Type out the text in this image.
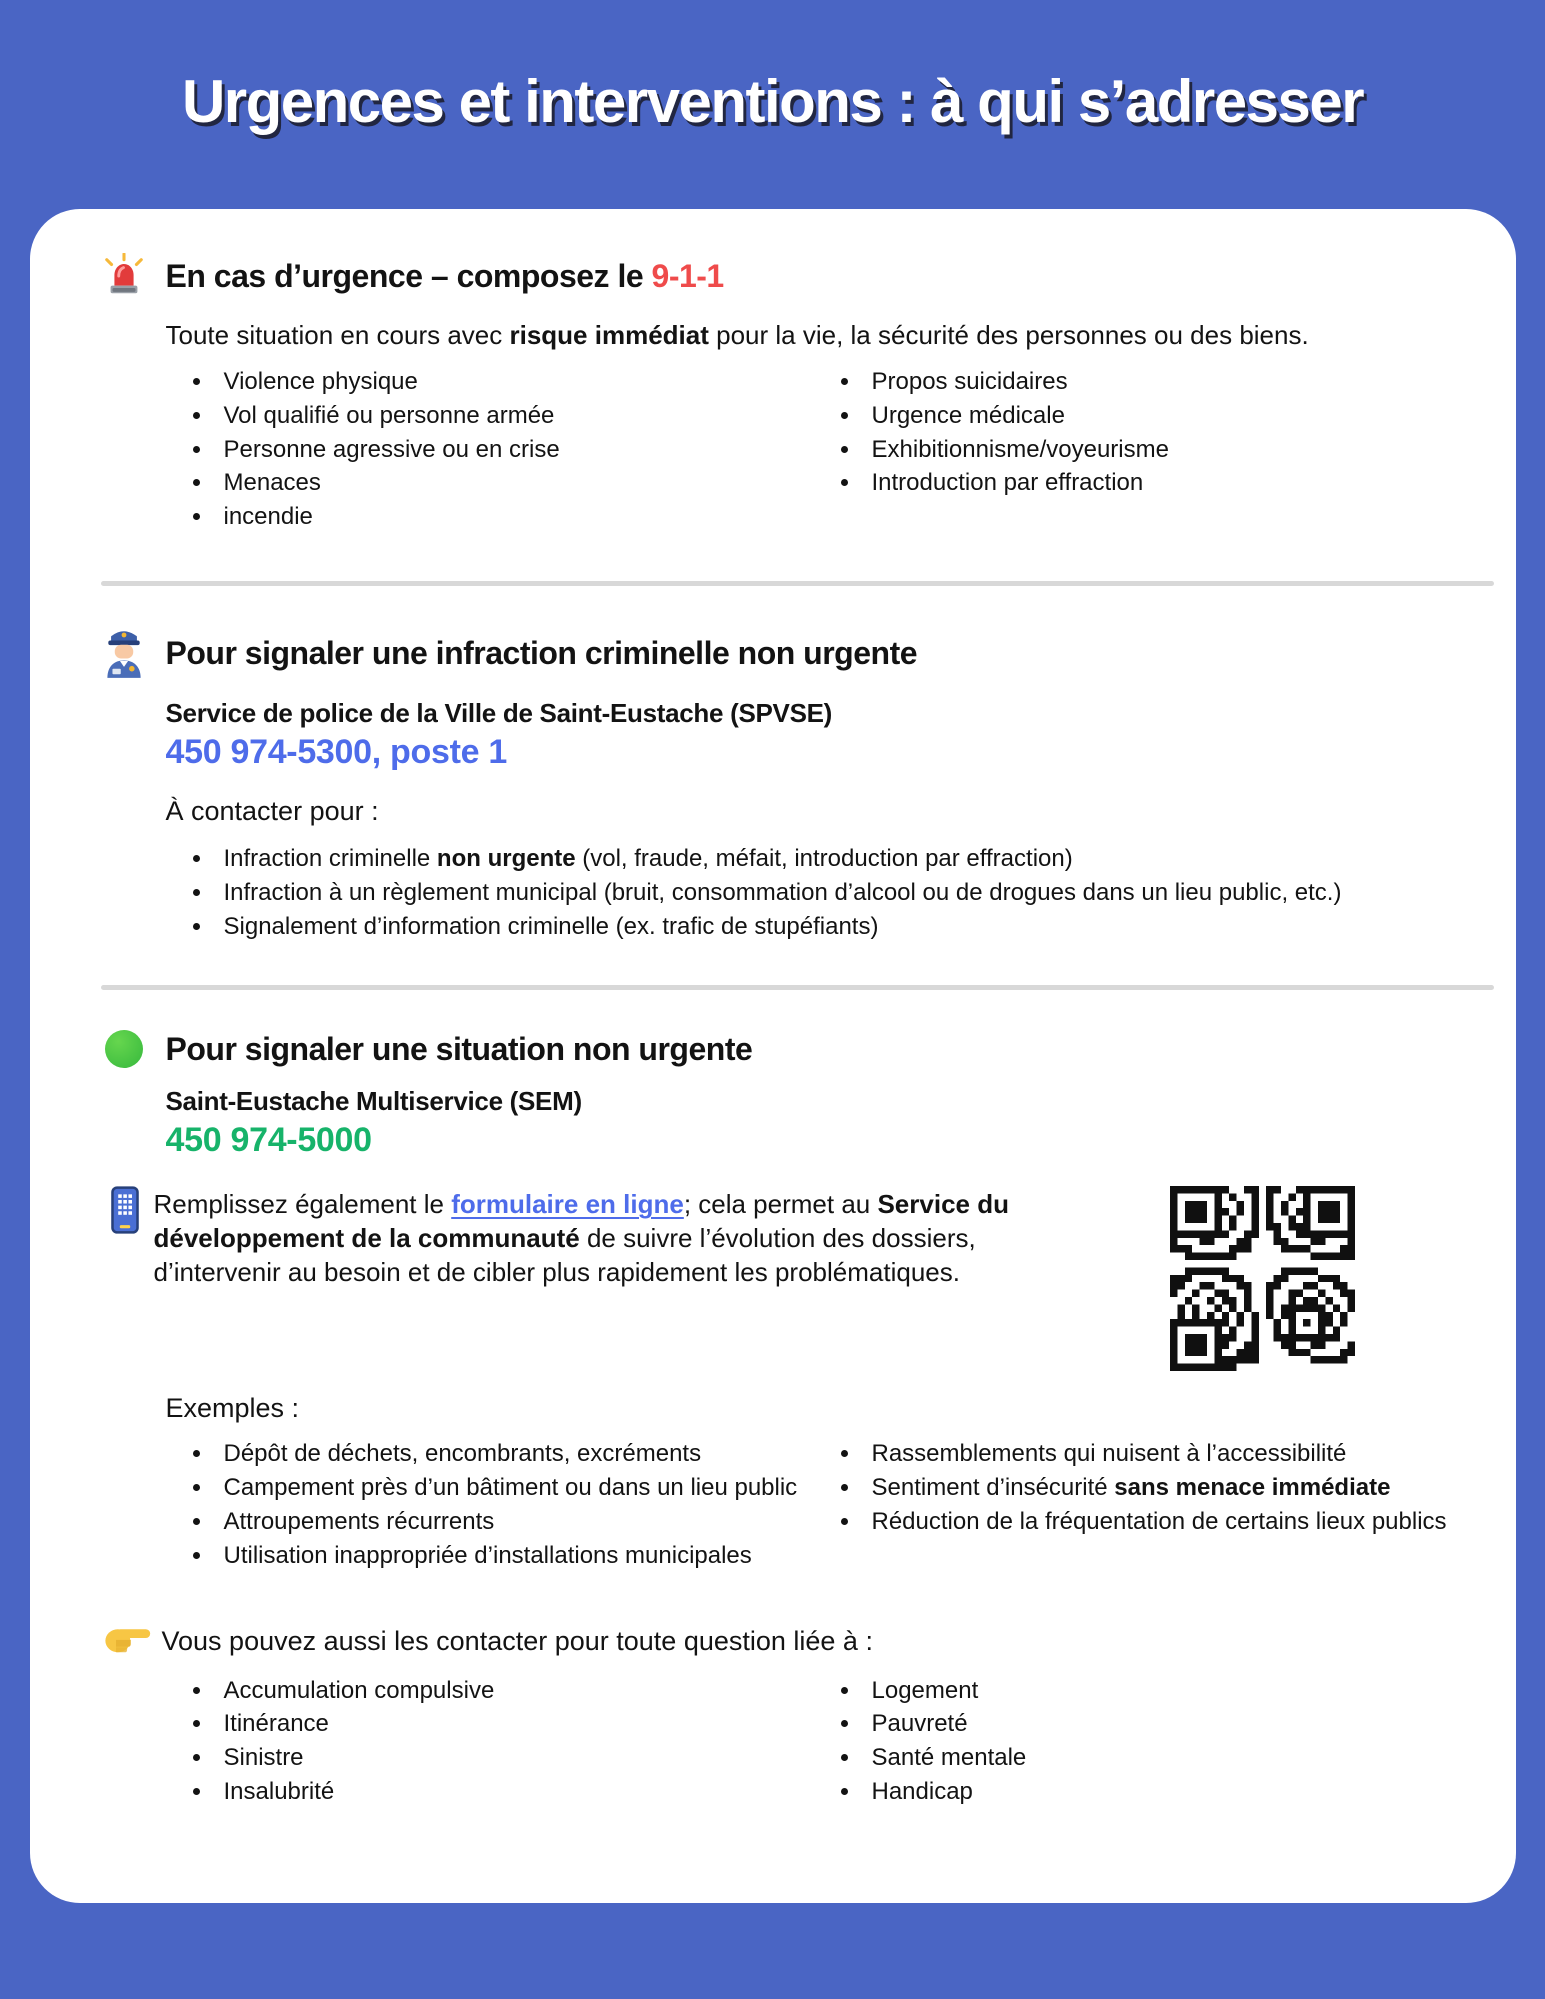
Urgences et interventions : à qui s’adresser
En cas d’urgence – composez le 9-1-1

Toute situation en cours avec risque immédiat pour la vie, la sécurité des personnes ou des biens.

• Violence physique
• Vol qualifié ou personne armée
• Personne agressive ou en crise
• Menaces
• incendie
• Propos suicidaires
• Urgence médicale
• Exhibitionnisme/voyeurisme
• Introduction par effraction
Pour signaler une infraction criminelle non urgente

Service de police de la Ville de Saint-Eustache (SPVSE)

450 974-5300, poste 1

À contacter pour :

• Infraction criminelle non urgente (vol, fraude, méfait, introduction par effraction)
• Infraction à un règlement municipal (bruit, consommation d’alcool ou de drogues dans un lieu public, etc.)
• Signalement d’information criminelle (ex. trafic de stupéfiants)
Pour signaler une situation non urgente

Saint-Eustache Multiservice (SEM)

450 974-5000

Remplissez également le formulaire en ligne; cela permet au Service du développement de la communauté de suivre l’évolution des dossiers, d’intervenir au besoin et de cibler plus rapidement les problématiques.

Exemples :

• Dépôt de déchets, encombrants, excréments
• Campement près d’un bâtiment ou dans un lieu public
• Attroupements récurrents
• Utilisation inappropriée d’installations municipales
• Rassemblements qui nuisent à l’accessibilité
• Sentiment d’insécurité sans menace immédiate
• Réduction de la fréquentation de certains lieux publics
Vous pouvez aussi les contacter pour toute question liée à :
• Accumulation compulsive
• Itinérance
• Sinistre
• Insalubrité
• Logement
• Pauvreté
• Santé mentale
• Handicap
